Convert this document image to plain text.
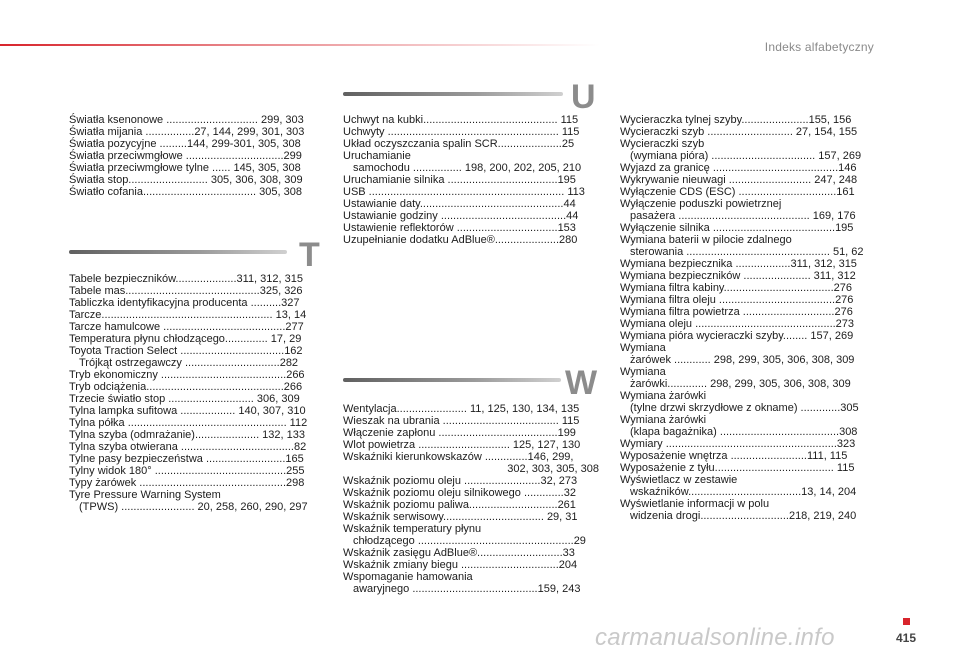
Indeks alfabetyczny
Światła ksenonowe .............................. 299, 303
Światła mijania ................27, 144, 299, 301, 303
Światła pozycyjne .........144, 299-301, 305, 308
Światła przeciwmgłowe ................................299
Światła przeciwmgłowe tylne ...... 145, 305, 308
Światła stop.......................... 305, 306, 308, 309
Światło cofania..................................... 305, 308
T
Tabele bezpieczników....................311, 312, 315
Tabele mas............................................325, 326
Tabliczka identyfikacyjna producenta ..........327
Tarcze........................................................ 13, 14
Tarcze hamulcowe ........................................277
Temperatura płynu chłodzącego.............. 17, 29
Toyota Traction Select ..................................162
Trójkąt ostrzegawczy ...............................282
Tryb ekonomiczny .........................................266
Tryb odciążenia.............................................266
Trzecie światło stop ............................ 306, 309
Tylna lampka sufitowa .................. 140, 307, 310
Tylna półka .................................................... 112
Tylna szyba (odmrażanie)..................... 132, 133
Tylna szyba otwierana .....................................82
Tylne pasy bezpieczeństwa ..........................165
Tylny widok 180° ...........................................255
Typy żarówek ................................................298
Tyre Pressure Warning System
(TPWS) ........................ 20, 258, 260, 290, 297
U
Uchwyt na kubki............................................ 115
Uchwyty ........................................................ 115
Układ oczyszczania spalin SCR.....................25
Uruchamianie
samochodu ................ 198, 200, 202, 205, 210
Uruchamianie silnika ....................................195
USB ................................................................ 113
Ustawianie daty...............................................44
Ustawianie godziny .........................................44
Ustawienie reflektorów .................................153
Uzupełnianie dodatku AdBlue®.....................280
W
Wentylacja....................... 11, 125, 130, 134, 135
Wieszak na ubrania ...................................... 115
Włączenie zapłonu .......................................199
Wlot powietrza .............................. 125, 127, 130
Wskaźniki kierunkowskazów ..............146, 299,
302, 303, 305, 308
Wskaźnik poziomu oleju .........................32, 273
Wskaźnik poziomu oleju silnikowego .............32
Wskaźnik poziomu paliwa.............................261
Wskaźnik serwisowy................................. 29, 31
Wskaźnik temperatury płynu
chłodzącego ...................................................29
Wskaźnik zasięgu AdBlue®............................33
Wskaźnik zmiany biegu ................................204
Wspomaganie hamowania
awaryjnego .........................................159, 243
Wycieraczka tylnej szyby......................155, 156
Wycieraczki szyb ............................ 27, 154, 155
Wycieraczki szyb
(wymiana pióra) .................................. 157, 269
Wyjazd za granicę .........................................146
Wykrywanie nieuwagi ........................... 247, 248
Wyłączenie CDS (ESC) ................................161
Wyłączenie poduszki powietrznej
pasażera ........................................... 169, 176
Wyłączenie silnika ........................................195
Wymiana baterii w pilocie zdalnego
sterowania ............................................... 51, 62
Wymiana bezpiecznika ..................311, 312, 315
Wymiana bezpieczników ...................... 311, 312
Wymiana filtra kabiny....................................276
Wymiana filtra oleju ......................................276
Wymiana filtra powietrza ..............................276
Wymiana oleju ..............................................273
Wymiana pióra wycieraczki szyby........ 157, 269
Wymiana
żarówek ............ 298, 299, 305, 306, 308, 309
Wymiana
żarówki............. 298, 299, 305, 306, 308, 309
Wymiana żarówki
(tylne drzwi skrzydłowe z okname) .............305
Wymiana żarówki
(klapa bagażnika) .......................................308
Wymiary ........................................................323
Wyposażenie wnętrza .........................111, 115
Wyposażenie z tyłu....................................... 115
Wyświetlacz w zestawie
wskaźników.....................................13, 14, 204
Wyświetlanie informacji w polu
widzenia drogi.............................218, 219, 240
carmanualsonline.info	415
